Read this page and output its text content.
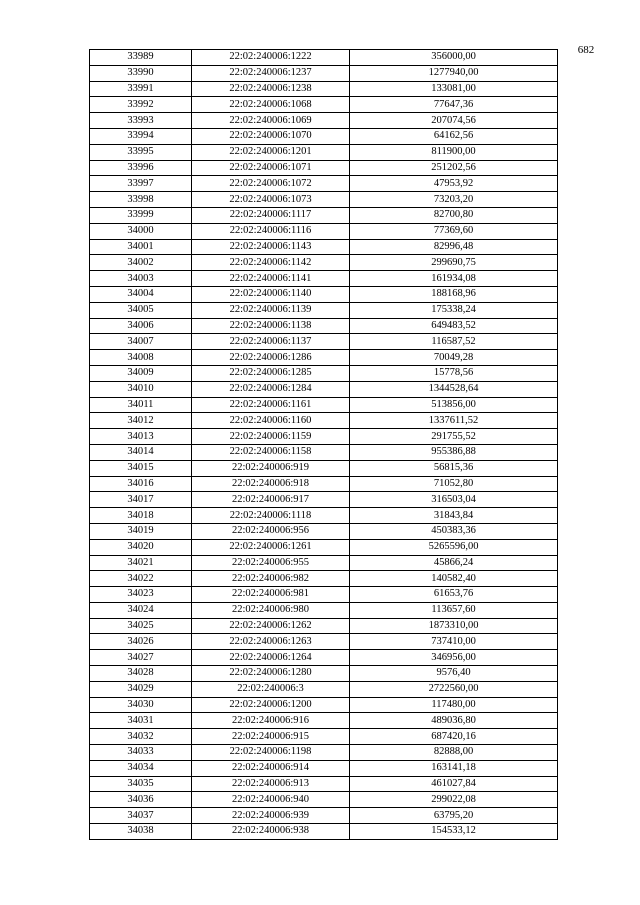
682
33989	22:02:240006:1222	356000,00
33990	22:02:240006:1237	1277940,00
33991	22:02:240006:1238	133081,00
33992	22:02:240006:1068	77647,36
33993	22:02:240006:1069	207074,56
33994	22:02:240006:1070	64162,56
33995	22:02:240006:1201	811900,00
33996	22:02:240006:1071	251202,56
33997	22:02:240006:1072	47953,92
33998	22:02:240006:1073	73203,20
33999	22:02:240006:1117	82700,80
34000	22:02:240006:1116	77369,60
34001	22:02:240006:1143	82996,48
34002	22:02:240006:1142	299690,75
34003	22:02:240006:1141	161934,08
34004	22:02:240006:1140	188168,96
34005	22:02:240006:1139	175338,24
34006	22:02:240006:1138	649483,52
34007	22:02:240006:1137	116587,52
34008	22:02:240006:1286	70049,28
34009	22:02:240006:1285	15778,56
34010	22:02:240006:1284	1344528,64
34011	22:02:240006:1161	513856,00
34012	22:02:240006:1160	1337611,52
34013	22:02:240006:1159	291755,52
34014	22:02:240006:1158	955386,88
34015	22:02:240006:919	56815,36
34016	22:02:240006:918	71052,80
34017	22:02:240006:917	316503,04
34018	22:02:240006:1118	31843,84
34019	22:02:240006:956	450383,36
34020	22:02:240006:1261	5265596,00
34021	22:02:240006:955	45866,24
34022	22:02:240006:982	140582,40
34023	22:02:240006:981	61653,76
34024	22:02:240006:980	113657,60
34025	22:02:240006:1262	1873310,00
34026	22:02:240006:1263	737410,00
34027	22:02:240006:1264	346956,00
34028	22:02:240006:1280	9576,40
34029	22:02:240006:3	2722560,00
34030	22:02:240006:1200	117480,00
34031	22:02:240006:916	489036,80
34032	22:02:240006:915	687420,16
34033	22:02:240006:1198	82888,00
34034	22:02:240006:914	163141,18
34035	22:02:240006:913	461027,84
34036	22:02:240006:940	299022,08
34037	22:02:240006:939	63795,20
34038	22:02:240006:938	154533,12
